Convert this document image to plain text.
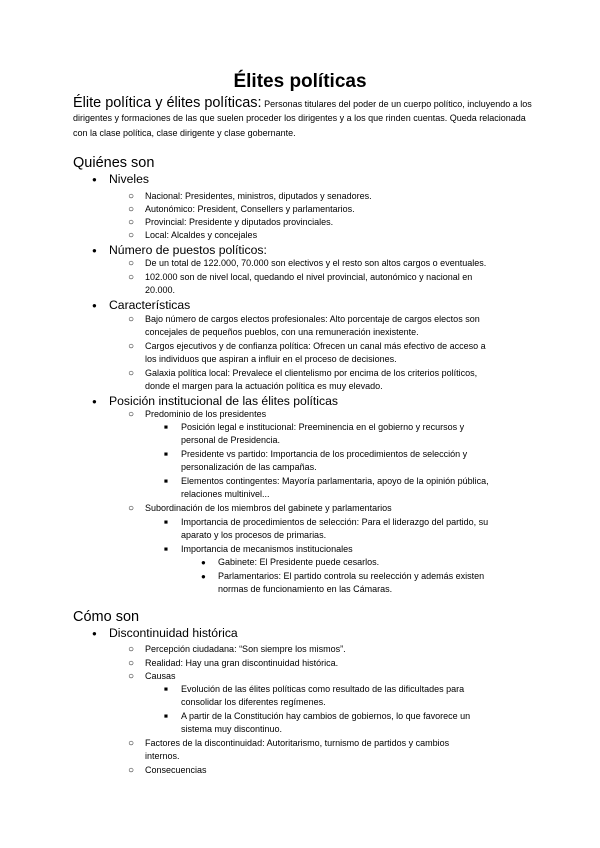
Élites políticas
Élite política y élites políticas: Personas titulares del poder de un cuerpo político, incluyendo a los dirigentes y formaciones de las que suelen proceder los dirigentes y a los que rinden cuentas. Queda relacionada con la clase política, clase dirigente y clase gobernante.
Quiénes son
● Niveles
○ Nacional: Presidentes, ministros, diputados y senadores.
○ Autonómico: President, Consellers y parlamentarios.
○ Provincial: Presidente y diputados provinciales.
○ Local: Alcaldes y concejales
● Número de puestos políticos:
○ De un total de 122.000, 70.000 son electivos y el resto son altos cargos o eventuales.
○ 102.000 son de nivel local, quedando el nivel provincial, autonómico y nacional en
20.000.
● Características
○ Bajo número de cargos electos profesionales: Alto porcentaje de cargos electos son
concejales de pequeños pueblos, con una remuneración inexistente.
○ Cargos ejecutivos y de confianza política: Ofrecen un canal más efectivo de acceso a
los individuos que aspiran a influir en el proceso de decisiones.
○ Galaxia política local: Prevalece el clientelismo por encima de los criterios políticos,
donde el margen para la actuación política es muy elevado.
● Posición institucional de las élites políticas
○ Predominio de los presidentes
■ Posición legal e institucional: Preeminencia en el gobierno y recursos y
personal de Presidencia.
■ Presidente vs partido: Importancia de los procedimientos de selección y
personalización de las campañas.
■ Elementos contingentes: Mayoría parlamentaria, apoyo de la opinión pública,
relaciones multinivel...
○ Subordinación de los miembros del gabinete y parlamentarios
■ Importancia de procedimientos de selección: Para el liderazgo del partido, su
aparato y los procesos de primarias.
■ Importancia de mecanismos institucionales
● Gabinete: El Presidente puede cesarlos.
● Parlamentarios: El partido controla su reelección y además existen
normas de funcionamiento en las Cámaras.
Cómo son
● Discontinuidad histórica
○ Percepción ciudadana: “Son siempre los mismos”.
○ Realidad: Hay una gran discontinuidad histórica.
○ Causas
■ Evolución de las élites políticas como resultado de las dificultades para
consolidar los diferentes regímenes.
■ A partir de la Constitución hay cambios de gobiernos, lo que favorece un
sistema muy discontinuo.
○ Factores de la discontinuidad: Autoritarismo, turnismo de partidos y cambios
internos.
○ Consecuencias
